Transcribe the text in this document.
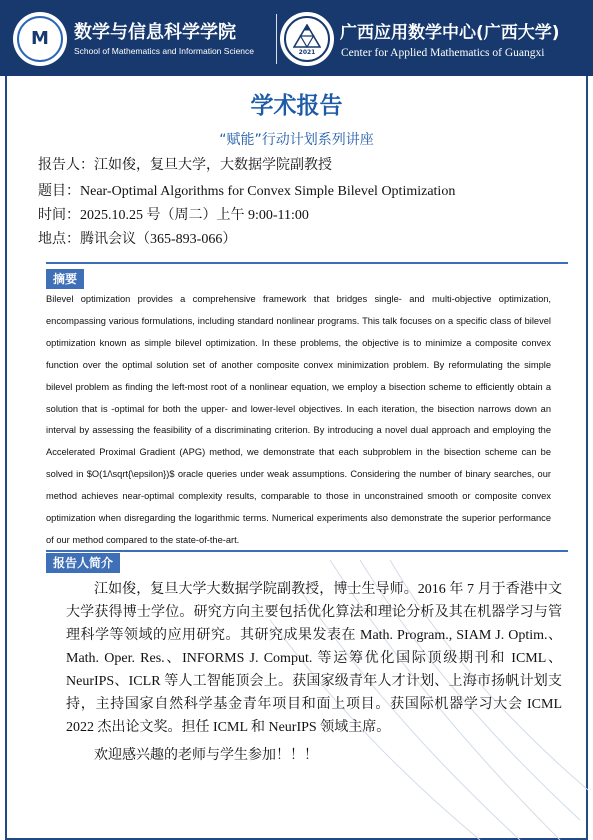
M	数学与信息科学学院
School of Mathematics and Information Science	2021
广西应用数学中心(广西大学)
Center for Applied Mathematics of Guangxi
学术报告
“赋能”行动计划系列讲座
报告人：江如俊，复旦大学，大数据学院副教授
题目：Near-Optimal Algorithms for Convex Simple Bilevel Optimization
时间：2025.10.25 号（周二）上午 9:00-11:00
地点：腾讯会议（365-893-066）
摘要
Bilevel optimization provides a comprehensive framework that bridges single- and multi-objective optimization, encompassing various formulations, including standard nonlinear programs. This talk focuses on a specific class of bilevel optimization known as simple bilevel optimization. In these problems, the objective is to minimize a composite convex function over the optimal solution set of another composite convex minimization problem. By reformulating the simple bilevel problem as finding the left-most root of a nonlinear equation, we employ a bisection scheme to efficiently obtain a solution that is -optimal for both the upper- and lower-level objectives. In each iteration, the bisection narrows down an interval by assessing the feasibility of a discriminating criterion. By introducing a novel dual approach and employing the Accelerated Proximal Gradient (APG) method, we demonstrate that each subproblem in the bisection scheme can be solved in $O(1/\sqrt{\epsilon})$ oracle queries under weak assumptions. Considering the number of binary searches, our method achieves near-optimal complexity results, comparable to those in unconstrained smooth or composite convex optimization when disregarding the logarithmic terms. Numerical experiments also demonstrate the superior performance of our method compared to the state-of-the-art.
报告人简介
江如俊，复旦大学大数据学院副教授，博士生导师。2016 年 7 月于香港中文大学获得博士学位。研究方向主要包括优化算法和理论分析及其在机器学习与管理科学等领域的应用研究。其研究成果发表在 Math. Program., SIAM J. Optim.、Math. Oper. Res.、INFORMS J. Comput. 等运筹优化国际顶级期刊和 ICML、NeurIPS、ICLR 等人工智能顶会上。获国家级青年人才计划、上海市扬帆计划支持，主持国家自然科学基金青年项目和面上项目。获国际机器学习大会 ICML 2022 杰出论文奖。担任 ICML 和 NeurIPS 领域主席。
欢迎感兴趣的老师与学生参加！！！
